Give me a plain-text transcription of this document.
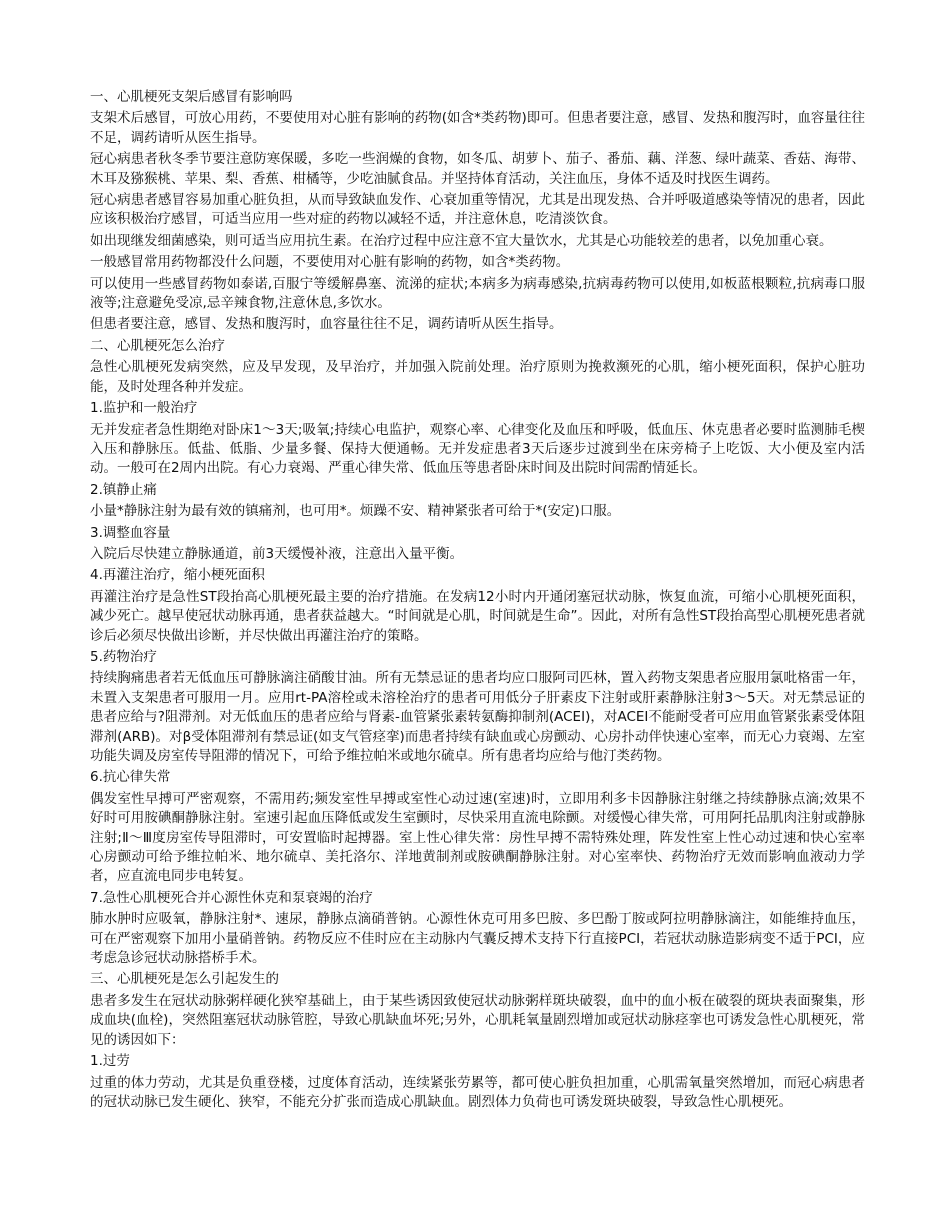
一、心肌梗死支架后感冒有影响吗
支架术后感冒，可放心用药，不要使用对心脏有影响的药物(如含*类药物)即可。但患者要注意，感冒、发热和腹泻时，血容量往往不足，调药请听从医生指导。
冠心病患者秋冬季节要注意防寒保暖，多吃一些润燥的食物，如冬瓜、胡萝卜、茄子、番茄、藕、洋葱、绿叶蔬菜、香菇、海带、木耳及猕猴桃、苹果、梨、香蕉、柑橘等，少吃油腻食品。并坚持体育活动，关注血压，身体不适及时找医生调药。
冠心病患者感冒容易加重心脏负担，从而导致缺血发作、心衰加重等情况，尤其是出现发热、合并呼吸道感染等情况的患者，因此应该积极治疗感冒，可适当应用一些对症的药物以减轻不适，并注意休息，吃清淡饮食。
如出现继发细菌感染，则可适当应用抗生素。在治疗过程中应注意不宜大量饮水，尤其是心功能较差的患者，以免加重心衰。
一般感冒常用药物都没什么问题，不要使用对心脏有影响的药物，如含*类药物。
可以使用一些感冒药物如泰诺,百服宁等缓解鼻塞、流涕的症状;本病多为病毒感染,抗病毒药物可以使用,如板蓝根颗粒,抗病毒口服液等;注意避免受凉,忌辛辣食物,注意休息,多饮水。
但患者要注意，感冒、发热和腹泻时，血容量往往不足，调药请听从医生指导。
二、心肌梗死怎么治疗
急性心肌梗死发病突然，应及早发现，及早治疗，并加强入院前处理。治疗原则为挽救濒死的心肌，缩小梗死面积，保护心脏功能，及时处理各种并发症。
1.监护和一般治疗
无并发症者急性期绝对卧床1～3天;吸氧;持续心电监护，观察心率、心律变化及血压和呼吸，低血压、休克患者必要时监测肺毛楔入压和静脉压。低盐、低脂、少量多餐、保持大便通畅。无并发症患者3天后逐步过渡到坐在床旁椅子上吃饭、大小便及室内活动。一般可在2周内出院。有心力衰竭、严重心律失常、低血压等患者卧床时间及出院时间需酌情延长。
2.镇静止痛
小量*静脉注射为最有效的镇痛剂，也可用*。烦躁不安、精神紧张者可给于*(安定)口服。
3.调整血容量
入院后尽快建立静脉通道，前3天缓慢补液，注意出入量平衡。
4.再灌注治疗，缩小梗死面积
再灌注治疗是急性ST段抬高心肌梗死最主要的治疗措施。在发病12小时内开通闭塞冠状动脉，恢复血流，可缩小心肌梗死面积，减少死亡。越早使冠状动脉再通，患者获益越大。“时间就是心肌，时间就是生命”。因此，对所有急性ST段抬高型心肌梗死患者就诊后必须尽快做出诊断，并尽快做出再灌注治疗的策略。
5.药物治疗
持续胸痛患者若无低血压可静脉滴注硝酸甘油。所有无禁忌证的患者均应口服阿司匹林，置入药物支架患者应服用氯吡格雷一年，未置入支架患者可服用一月。应用rt-PA溶栓或未溶栓治疗的患者可用低分子肝素皮下注射或肝素静脉注射3～5天。对无禁忌证的患者应给与?阻滞剂。对无低血压的患者应给与肾素-血管紧张素转氨酶抑制剂(ACEI)，对ACEI不能耐受者可应用血管紧张素受体阻滞剂(ARB)。对β受体阻滞剂有禁忌证(如支气管痉挛)而患者持续有缺血或心房颤动、心房扑动伴快速心室率，而无心力衰竭、左室功能失调及房室传导阻滞的情况下，可给予维拉帕米或地尔硫卓。所有患者均应给与他汀类药物。
6.抗心律失常
偶发室性早搏可严密观察，不需用药;频发室性早搏或室性心动过速(室速)时，立即用利多卡因静脉注射继之持续静脉点滴;效果不好时可用胺碘酮静脉注射。室速引起血压降低或发生室颤时，尽快采用直流电除颤。对缓慢心律失常，可用阿托品肌肉注射或静脉注射;Ⅱ～Ⅲ度房室传导阻滞时，可安置临时起搏器。室上性心律失常：房性早搏不需特殊处理，阵发性室上性心动过速和快心室率心房颤动可给予维拉帕米、地尔硫卓、美托洛尔、洋地黄制剂或胺碘酮静脉注射。对心室率快、药物治疗无效而影响血液动力学者，应直流电同步电转复。
7.急性心肌梗死合并心源性休克和泵衰竭的治疗
肺水肿时应吸氧，静脉注射*、速尿，静脉点滴硝普钠。心源性休克可用多巴胺、多巴酚丁胺或阿拉明静脉滴注，如能维持血压，可在严密观察下加用小量硝普钠。药物反应不佳时应在主动脉内气囊反搏术支持下行直接PCI，若冠状动脉造影病变不适于PCI，应考虑急诊冠状动脉搭桥手术。
三、心肌梗死是怎么引起发生的
患者多发生在冠状动脉粥样硬化狭窄基础上，由于某些诱因致使冠状动脉粥样斑块破裂，血中的血小板在破裂的斑块表面聚集，形成血块(血栓)，突然阻塞冠状动脉管腔，导致心肌缺血坏死;另外，心肌耗氧量剧烈增加或冠状动脉痉挛也可诱发急性心肌梗死，常见的诱因如下：
1.过劳
过重的体力劳动，尤其是负重登楼，过度体育活动，连续紧张劳累等，都可使心脏负担加重，心肌需氧量突然增加，而冠心病患者的冠状动脉已发生硬化、狭窄，不能充分扩张而造成心肌缺血。剧烈体力负荷也可诱发斑块破裂，导致急性心肌梗死。
